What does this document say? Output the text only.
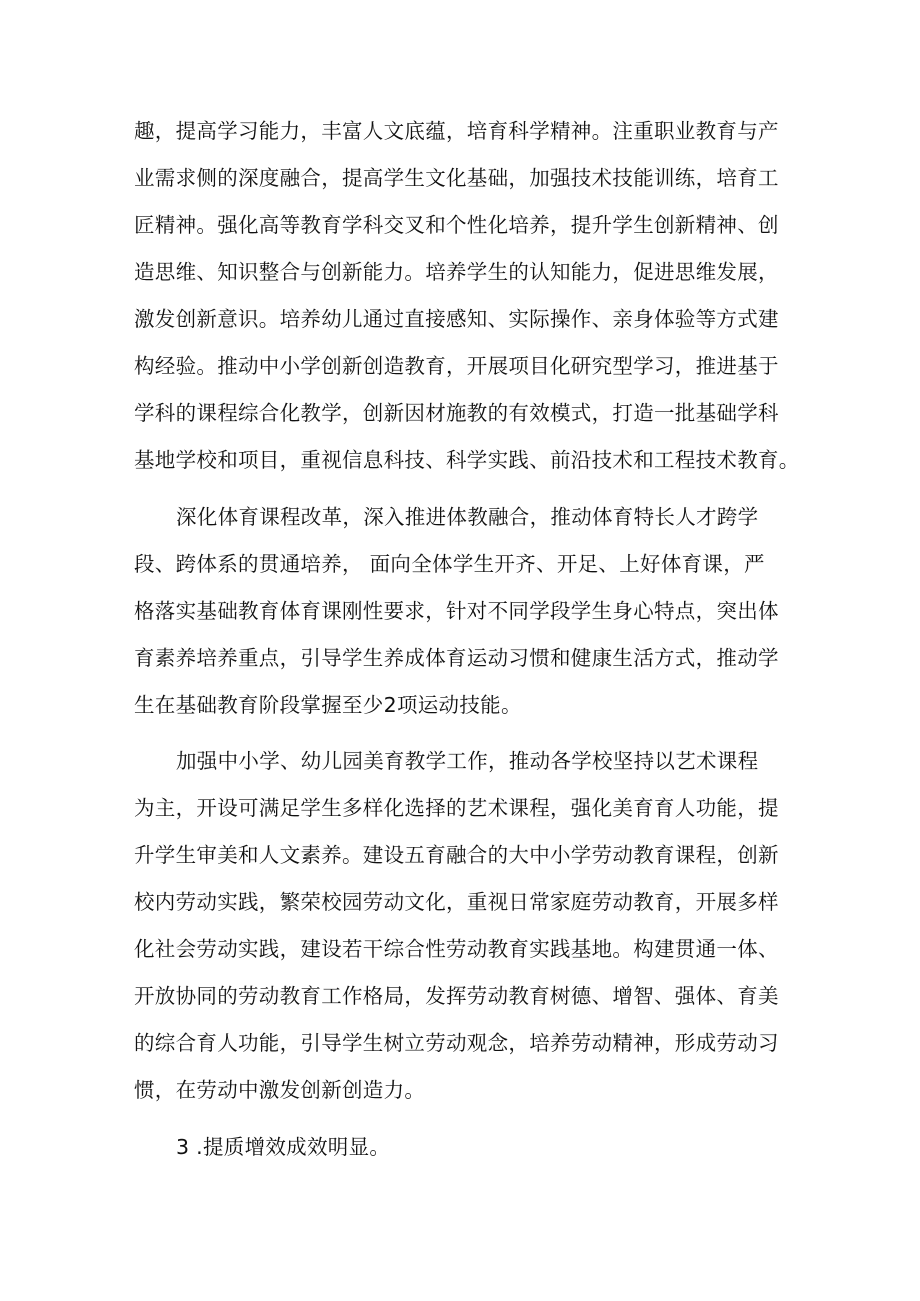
趣，提高学习能力，丰富人文底蕴，培育科学精神。注重职业教育与产
业需求侧的深度融合，提高学生文化基础，加强技术技能训练，培育工
匠精神。强化高等教育学科交叉和个性化培养，提升学生创新精神、创
造思维、知识整合与创新能力。培养学生的认知能力，促进思维发展，
激发创新意识。培养幼儿通过直接感知、实际操作、亲身体验等方式建
构经验。推动中小学创新创造教育，开展项目化研究型学习，推进基于
学科的课程综合化教学，创新因材施教的有效模式，打造一批基础学科
基地学校和项目，重视信息科技、科学实践、前沿技术和工程技术教育。
深化体育课程改革，深入推进体教融合，推动体育特长人才跨学
段、跨体系的贯通培养， 面向全体学生开齐、开足、上好体育课，严
格落实基础教育体育课刚性要求，针对不同学段学生身心特点，突出体
育素养培养重点，引导学生养成体育运动习惯和健康生活方式，推动学
生在基础教育阶段掌握至少2项运动技能。
加强中小学、幼儿园美育教学工作，推动各学校坚持以艺术课程
为主，开设可满足学生多样化选择的艺术课程，强化美育育人功能，提
升学生审美和人文素养。建设五育融合的大中小学劳动教育课程，创新
校内劳动实践，繁荣校园劳动文化，重视日常家庭劳动教育，开展多样
化社会劳动实践，建设若干综合性劳动教育实践基地。构建贯通一体、
开放协同的劳动教育工作格局，发挥劳动教育树德、增智、强体、育美
的综合育人功能，引导学生树立劳动观念，培养劳动精神，形成劳动习
惯，在劳动中激发创新创造力。
3 .提质增效成效明显。
